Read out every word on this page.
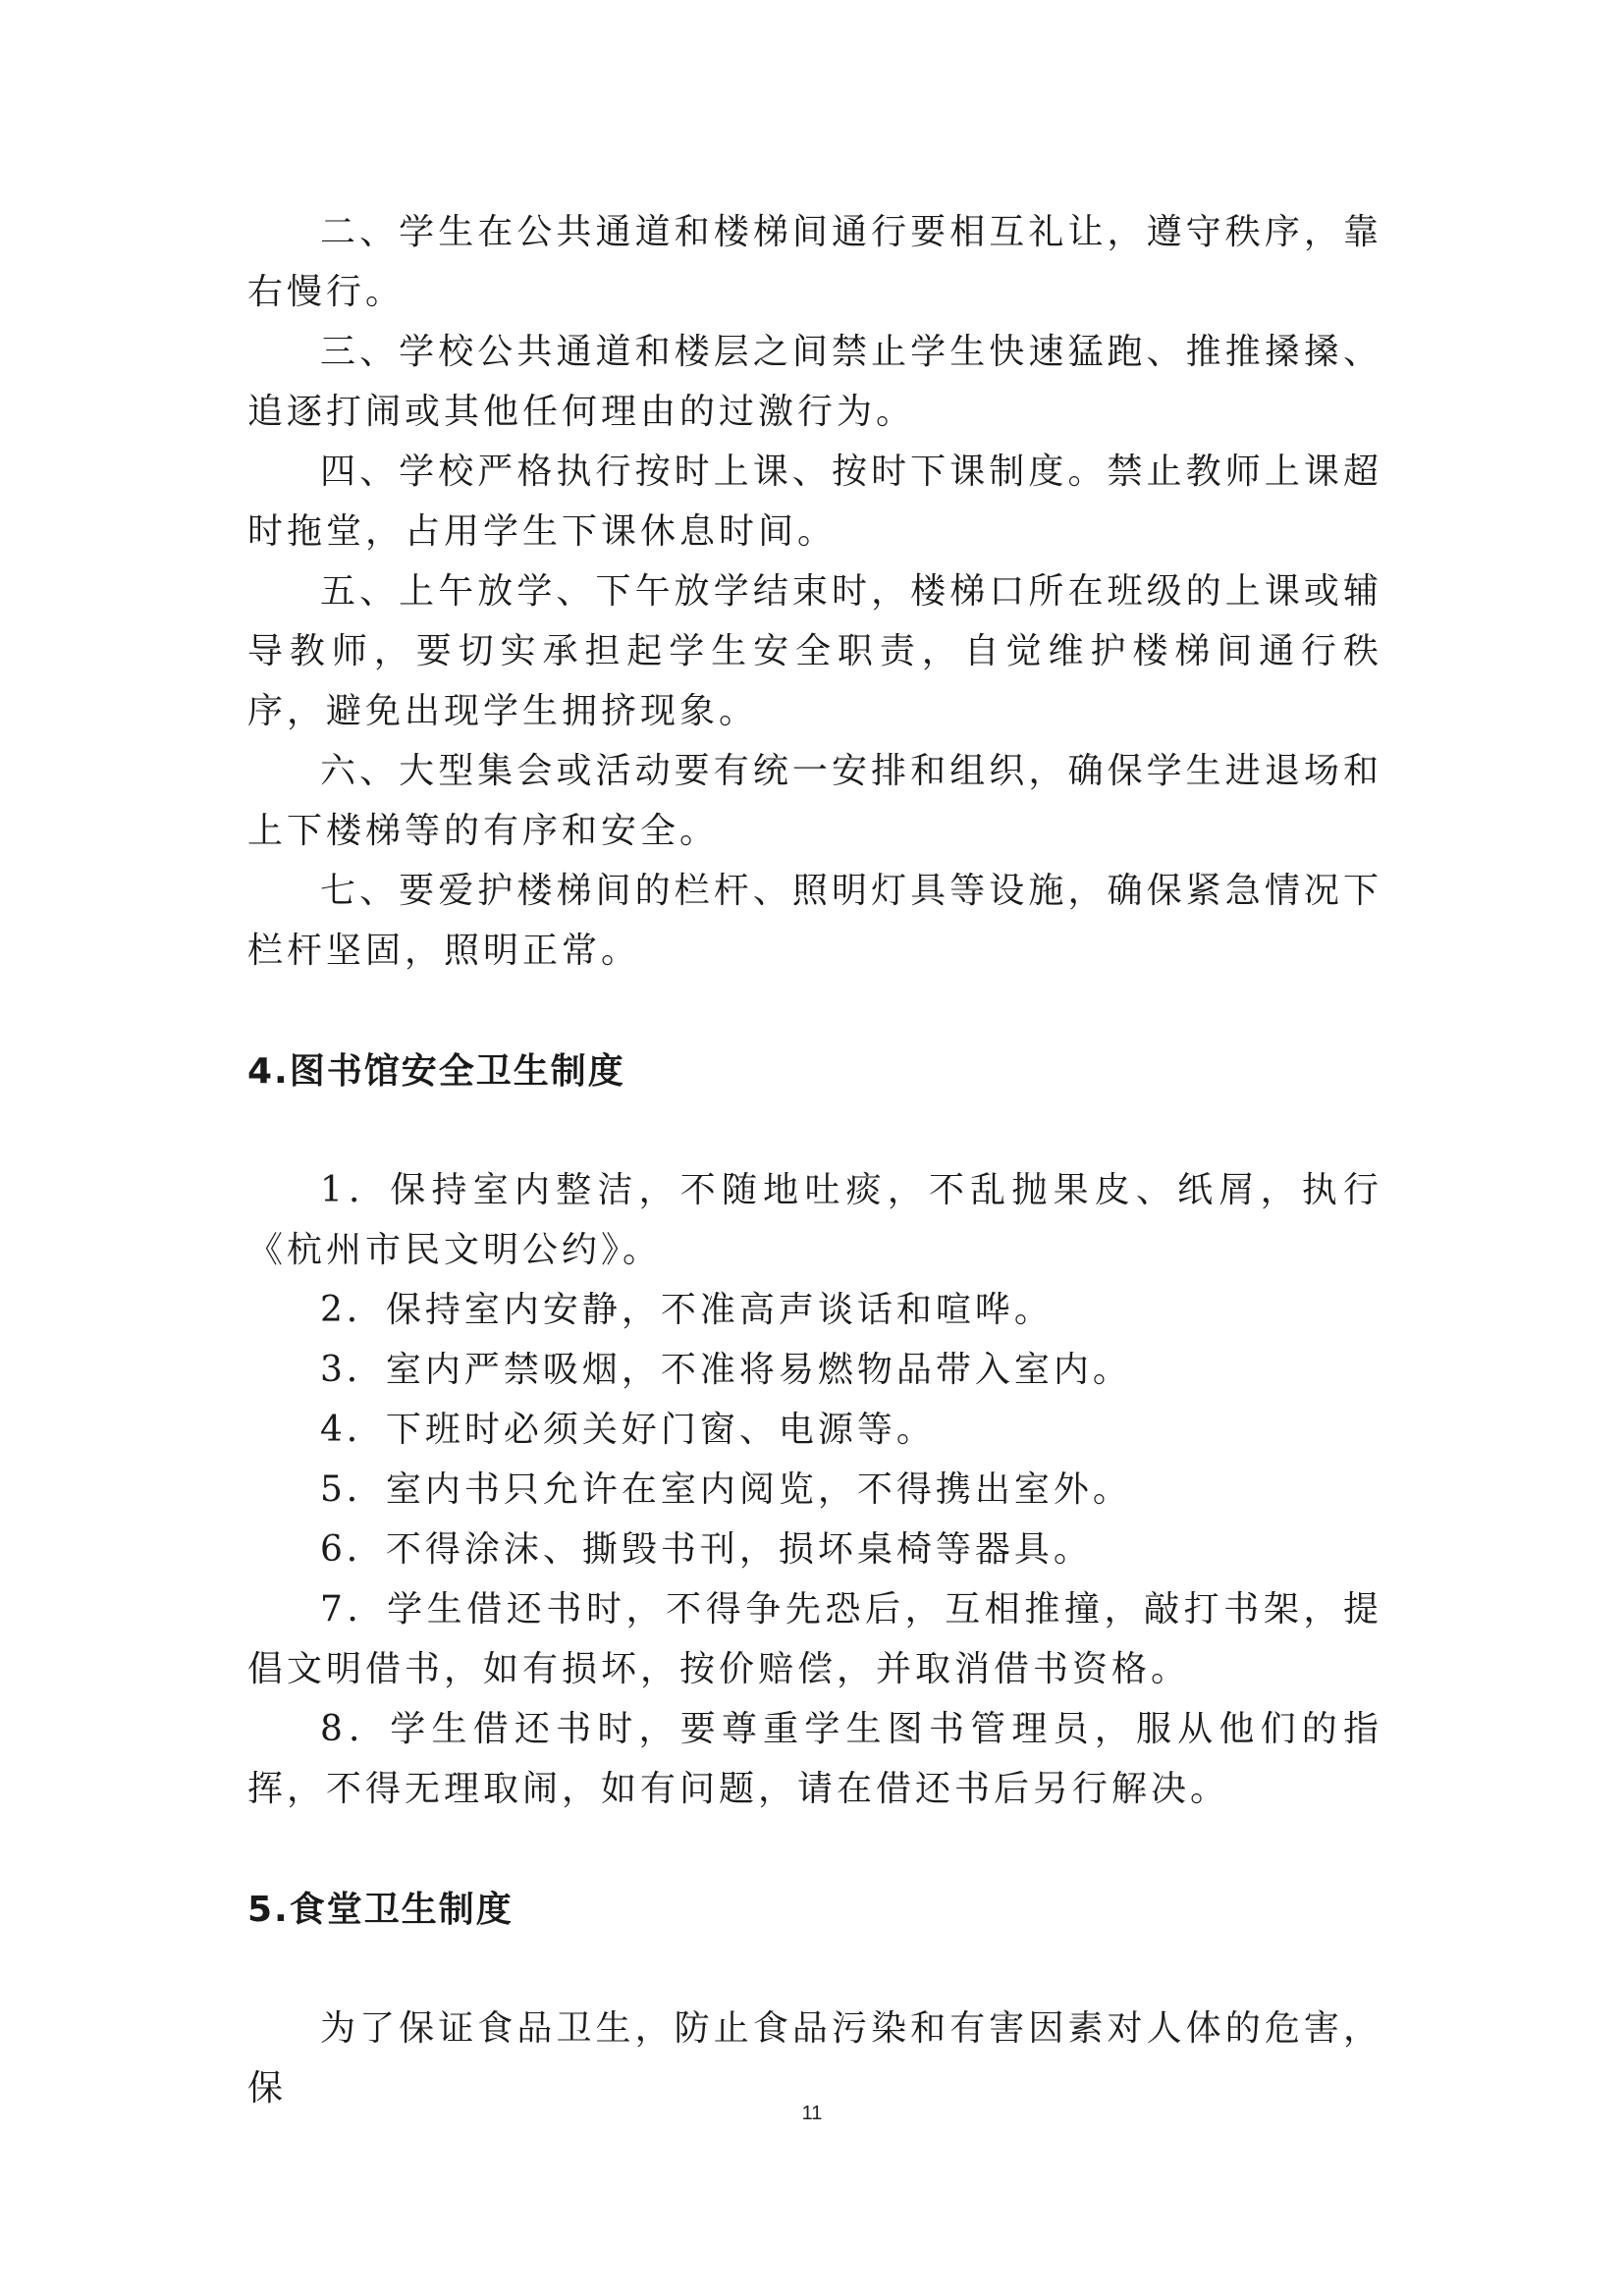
二、学生在公共通道和楼梯间通行要相互礼让，遵守秩序，靠右慢行。

三、学校公共通道和楼层之间禁止学生快速猛跑、推推搡搡、追逐打闹或其他任何理由的过激行为。

四、学校严格执行按时上课、按时下课制度。禁止教师上课超时拖堂，占用学生下课休息时间。

五、上午放学、下午放学结束时，楼梯口所在班级的上课或辅导教师，要切实承担起学生安全职责，自觉维护楼梯间通行秩序，避免出现学生拥挤现象。

六、大型集会或活动要有统一安排和组织，确保学生进退场和上下楼梯等的有序和安全。

七、要爱护楼梯间的栏杆、照明灯具等设施，确保紧急情况下栏杆坚固，照明正常。

4.图书馆安全卫生制度

1．保持室内整洁，不随地吐痰，不乱抛果皮、纸屑，执行《杭州市民文明公约》。

2．保持室内安静，不准高声谈话和喧哗。

3．室内严禁吸烟，不准将易燃物品带入室内。

4．下班时必须关好门窗、电源等。

5．室内书只允许在室内阅览，不得携出室外。

6．不得涂沫、撕毁书刊，损坏桌椅等器具。

7．学生借还书时，不得争先恐后，互相推撞，敲打书架，提倡文明借书，如有损坏，按价赔偿，并取消借书资格。

8．学生借还书时，要尊重学生图书管理员，服从他们的指挥，不得无理取闹，如有问题，请在借还书后另行解决。

5.食堂卫生制度

为了保证食品卫生，防止食品污染和有害因素对人体的危害，保

11
